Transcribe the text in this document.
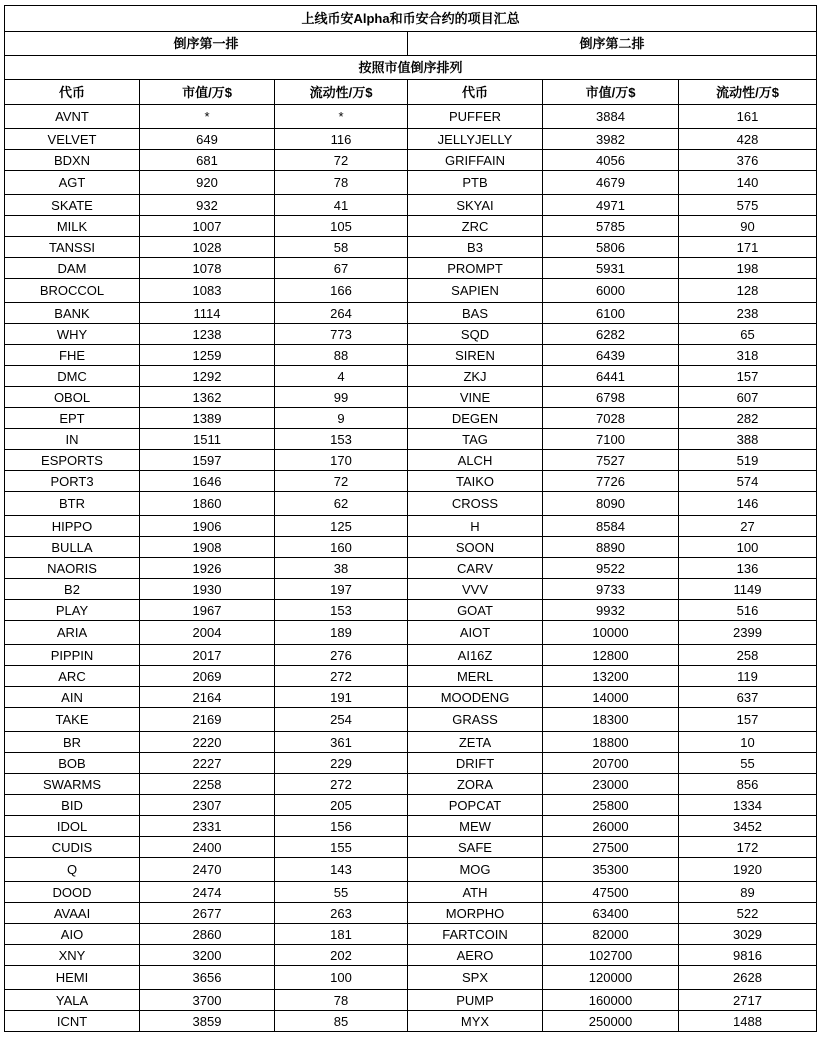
上线币安Alpha和币安合约的项目汇总					
倒序第一排			倒序第二排		
按照市值倒序排列					
代币	市值/万$	流动性/万$	代币	市值/万$	流动性/万$
AVNT	*	*	PUFFER	3884	161
VELVET	649	116	JELLYJELLY	3982	428
BDXN	681	72	GRIFFAIN	4056	376
AGT	920	78	PTB	4679	140
SKATE	932	41	SKYAI	4971	575
MILK	1007	105	ZRC	5785	90
TANSSI	1028	58	B3	5806	171
DAM	1078	67	PROMPT	5931	198
BROCCOL	1083	166	SAPIEN	6000	128
BANK	1114	264	BAS	6100	238
WHY	1238	773	SQD	6282	65
FHE	1259	88	SIREN	6439	318
DMC	1292	4	ZKJ	6441	157
OBOL	1362	99	VINE	6798	607
EPT	1389	9	DEGEN	7028	282
IN	1511	153	TAG	7100	388
ESPORTS	1597	170	ALCH	7527	519
PORT3	1646	72	TAIKO	7726	574
BTR	1860	62	CROSS	8090	146
HIPPO	1906	125	H	8584	27
BULLA	1908	160	SOON	8890	100
NAORIS	1926	38	CARV	9522	136
B2	1930	197	VVV	9733	1149
PLAY	1967	153	GOAT	9932	516
ARIA	2004	189	AIOT	10000	2399
PIPPIN	2017	276	AI16Z	12800	258
ARC	2069	272	MERL	13200	119
AIN	2164	191	MOODENG	14000	637
TAKE	2169	254	GRASS	18300	157
BR	2220	361	ZETA	18800	10
BOB	2227	229	DRIFT	20700	55
SWARMS	2258	272	ZORA	23000	856
BID	2307	205	POPCAT	25800	1334
IDOL	2331	156	MEW	26000	3452
CUDIS	2400	155	SAFE	27500	172
Q	2470	143	MOG	35300	1920
DOOD	2474	55	ATH	47500	89
AVAAI	2677	263	MORPHO	63400	522
AIO	2860	181	FARTCOIN	82000	3029
XNY	3200	202	AERO	102700	9816
HEMI	3656	100	SPX	120000	2628
YALA	3700	78	PUMP	160000	2717
ICNT	3859	85	MYX	250000	1488
